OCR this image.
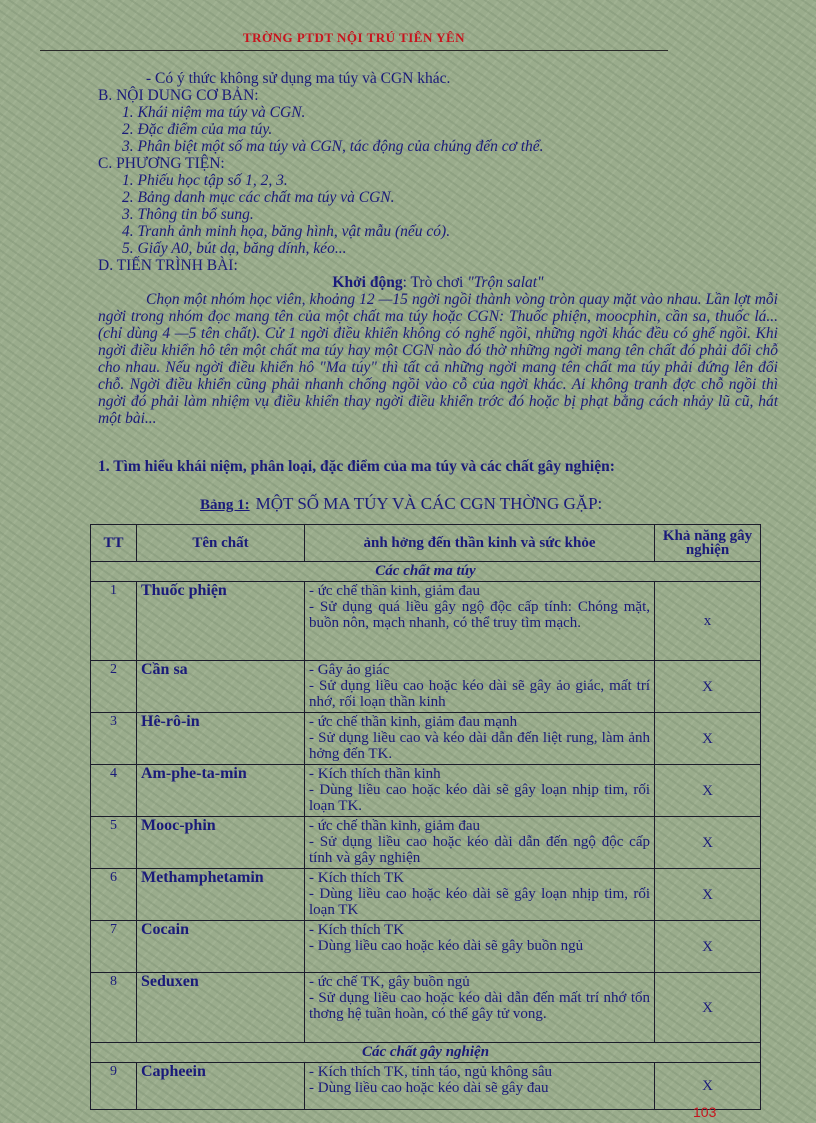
TRỜNG PTDT NỘI TRÚ TIÊN YÊN
- Có ý thức không sử dụng ma túy và CGN khác.
B. NỘI DUNG CƠ BẢN:
1. Khái niệm ma túy và CGN.
2. Đặc điểm của ma túy.
3. Phân biệt một số ma túy và CGN, tác động của chúng đến cơ thể.
C. PHƯƠNG TIỆN:
1. Phiếu học tập số 1, 2, 3.
2. Bảng danh mục các chất ma túy và CGN.
3. Thông tin bổ sung.
4. Tranh ảnh minh họa, băng hình, vật mẫu (nếu có).
5. Giấy A0, bút dạ, băng dính, kéo...
D. TIẾN TRÌNH BÀI:
Khởi động: Trò chơi "Trộn salat"
Chọn một nhóm học viên, khoảng 12 —15 ngời ngồi thành vòng tròn quay mặt vào nhau. Lần lợt mỗi ngời trong nhóm đọc mang tên của một chất ma túy hoặc CGN: Thuốc phiện, moocphin, cần sa, thuốc lá... (chỉ dùng 4 —5 tên chất). Cử 1 ngời điều khiển không có nghế ngồi, những ngời khác đều có ghế ngồi. Khi ngời điều khiển hô tên một chất ma túy hay một CGN nào đó thờ những ngời mang tên chất đó phải đổi chỗ cho nhau. Nếu ngời điều khiển hô "Ma túy" thì tất cả những ngời mang tên chất ma túy phải đứng lên đổi chỗ. Ngời điều khiển cũng phải nhanh chống ngồi vào cỗ của ngời khác. Ai không tranh đợc chỗ ngồi thì ngời đó phải làm nhiệm vụ điều khiển thay ngời điều khiển trớc đó hoặc bị phạt bằng cách nhảy lũ cũ, hát một bài...
1. Tìm hiểu khái niệm, phân loại, đặc điểm của ma túy và các chất gây nghiện:
Bảng 1: MỘT SỐ MA TÚY VÀ CÁC CGN THỜNG GẶP:
TT	Tên chất	ảnh hởng đến thần kinh và sức khỏe	Khả năng gây nghiện
Các chất ma túy			

1	Thuốc phiện	- ức chế thần kinh, giảm đau
- Sử dụng quá liều gây ngộ độc cấp tính: Chóng mặt, buồn nôn, mạch nhanh, có thể truy tìm mạch.	x

2	Cần sa	- Gây ảo giác
- Sử dụng liều cao hoặc kéo dài sẽ gây ảo giác, mất trí nhớ, rối loạn thần kinh	X

3	Hê-rô-in	- ức chế thần kinh, giảm đau mạnh
- Sử dụng liều cao và kéo dài dẫn đến liệt rung, làm ảnh hởng đến TK.	X

4	Am-phe-ta-min	- Kích thích thần kinh
- Dùng liều cao hoặc kéo dài sẽ gây loạn nhịp tim, rối loạn TK.	X

5	Mooc-phin	- ức chế thần kinh, giảm đau
- Sử dụng liều cao hoặc kéo dài dẫn đến ngộ độc cấp tính và gây nghiện	X

6	Methamphetamin	- Kích thích TK
- Dùng liều cao hoặc kéo dài sẽ gây loạn nhịp tim, rối loạn TK	X

7	Cocain	- Kích thích TK
- Dùng liều cao hoặc kéo dài sẽ gây buồn ngủ	X

8	Seduxen	- ức chế TK, gây buồn ngủ
- Sử dụng liều cao hoặc kéo dài dẫn đến mất trí nhớ tổn thơng hệ tuần hoàn, có thể gây tử vong.	X

Các chất gây nghiện			

9	Capheein	- Kích thích TK, tỉnh táo, ngủ không sâu
- Dùng liều cao hoặc kéo dài sẽ gây đau	X
103
